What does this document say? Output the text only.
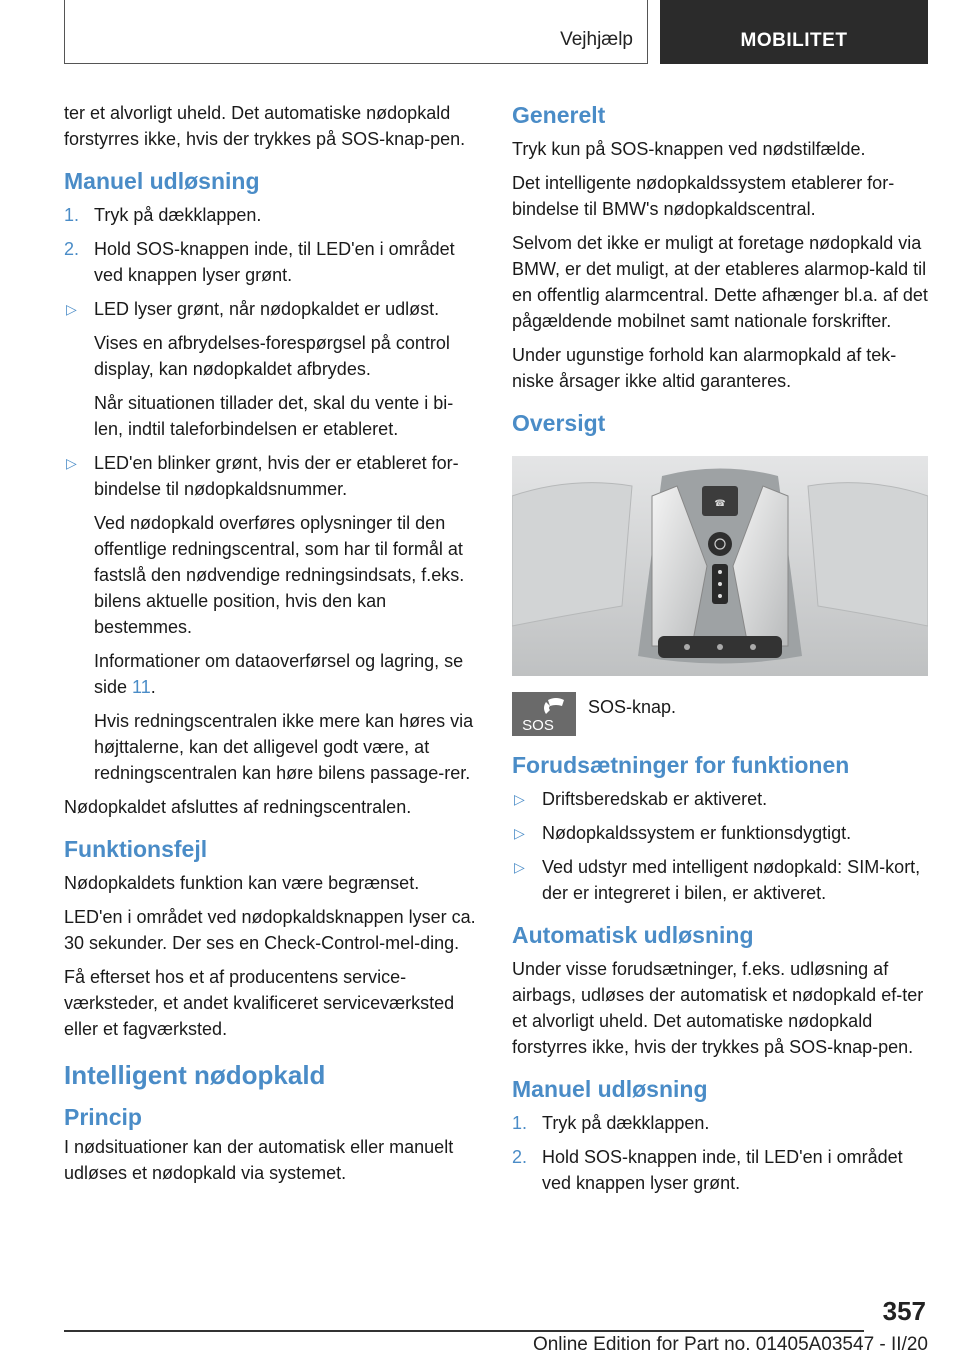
Vejhjælp	MOBILITET

ter et alvorligt uheld. Det automatiske nødopkald forstyrres ikke, hvis der trykkes på SOS-knap-pen.

Manuel udløsning
1. Tryk på dækklappen.
2. Hold SOS-knappen inde, til LED'en i området ved knappen lyser grønt.
▷ LED lyser grønt, når nødopkaldet er udløst.

Vises en afbrydelses-forespørgsel på control display, kan nødopkaldet afbrydes.

Når situationen tillader det, skal du vente i bi-len, indtil taleforbindelsen er etableret.

▷ LED'en blinker grønt, hvis der er etableret for-bindelse til nødopkaldsnummer.

Ved nødopkald overføres oplysninger til den offentlige redningscentral, som har til formål at fastslå den nødvendige redningsindsats, f.eks. bilens aktuelle position, hvis den kan bestemmes.

Informationer om dataoverførsel og lagring, se side 11.

Hvis redningscentralen ikke mere kan høres via højttalerne, kan det alligevel godt være, at redningscentralen kan høre bilens passage-rer.

Nødopkaldet afsluttes af redningscentralen.

Funktionsfejl

Nødopkaldets funktion kan være begrænset.

LED'en i området ved nødopkaldsknappen lyser ca. 30 sekunder. Der ses en Check-Control-mel-ding.

Få efterset hos et af producentens service-værksteder, et andet kvalificeret serviceværksted eller et fagværksted.

Intelligent nødopkald
Princip

I nødsituationer kan der automatisk eller manuelt udløses et nødopkald via systemet.

Generelt

Tryk kun på SOS-knappen ved nødstilfælde.

Det intelligente nødopkaldssystem etablerer for-bindelse til BMW's nødopkaldscentral.

Selvom det ikke er muligt at foretage nødopkald via BMW, er det muligt, at der etableres alarmop-kald til en offentlig alarmcentral. Dette afhænger bl.a. af det pågældende mobilnet samt nationale forskrifter.

Under ugunstige forhold kan alarmopkald af tek-niske årsager ikke altid garanteres.

Oversigt
☎
SOS
SOS-knap.
Forudsætninger for funktionen
▷ Driftsberedskab er aktiveret.
▷ Nødopkaldssystem er funktionsdygtigt.
▷ Ved udstyr med intelligent nødopkald: SIM-kort, der er integreret i bilen, er aktiveret.
Automatisk udløsning

Under visse forudsætninger, f.eks. udløsning af airbags, udløses der automatisk et nødopkald ef-ter et alvorligt uheld. Det automatiske nødopkald forstyrres ikke, hvis der trykkes på SOS-knap-pen.

Manuel udløsning
1. Tryk på dækklappen.
2. Hold SOS-knappen inde, til LED'en i området ved knappen lyser grønt.
357
Online Edition for Part no. 01405A03547 - II/20
